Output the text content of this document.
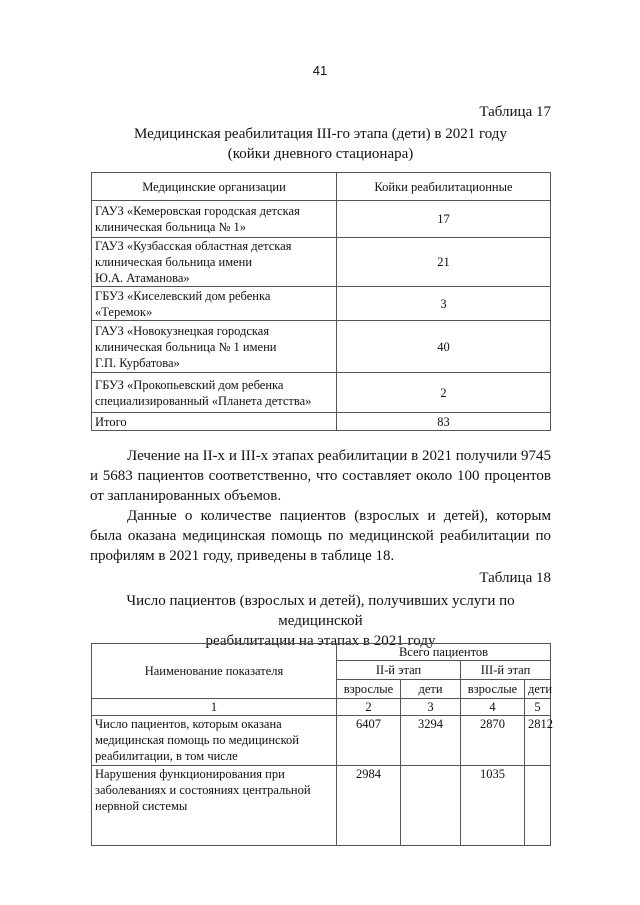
41
Таблица 17
Медицинская реабилитация III-го этапа (дети) в 2021 году
(койки дневного стационара)
Медицинские организации	Койки реабилитационные

ГАУЗ «Кемеровская городская детская
клиническая больница № 1»	17

ГАУЗ «Кузбасская областная детская
клиническая больница имени
Ю.А. Атаманова»	21

ГБУЗ «Киселевский дом ребенка
«Теремок»	3

ГАУЗ «Новокузнецкая городская
клиническая больница № 1 имени
Г.П. Курбатова»	40

ГБУЗ «Прокопьевский дом ребенка
специализированный «Планета детства»	2
Итого	83

Лечение на II-х и III-х этапах реабилитации в 2021 получили 9745 и 5683 пациентов соответственно, что составляет около 100 процентов от запланированных объемов.

Данные о количестве пациентов (взрослых и детей), которым была оказана медицинская помощь по медицинской реабилитации по профилям в 2021 году, приведены в таблице 18.

Таблица 18
Число пациентов (взрослых и детей), получивших услуги по медицинской
реабилитации на этапах в 2021 году
Наименование показателя	Всего пациентов			
	II-й этап		III-й этап	
	взрослые	дети	взрослые	дети
1	2	3	4	5
Число пациентов, которым оказана медицинская помощь по медицинской реабилитации, в том числе	6407	3294	2870	2812
Нарушения функционирования при заболеваниях и состояниях центральной нервной системы	2984		1035	
